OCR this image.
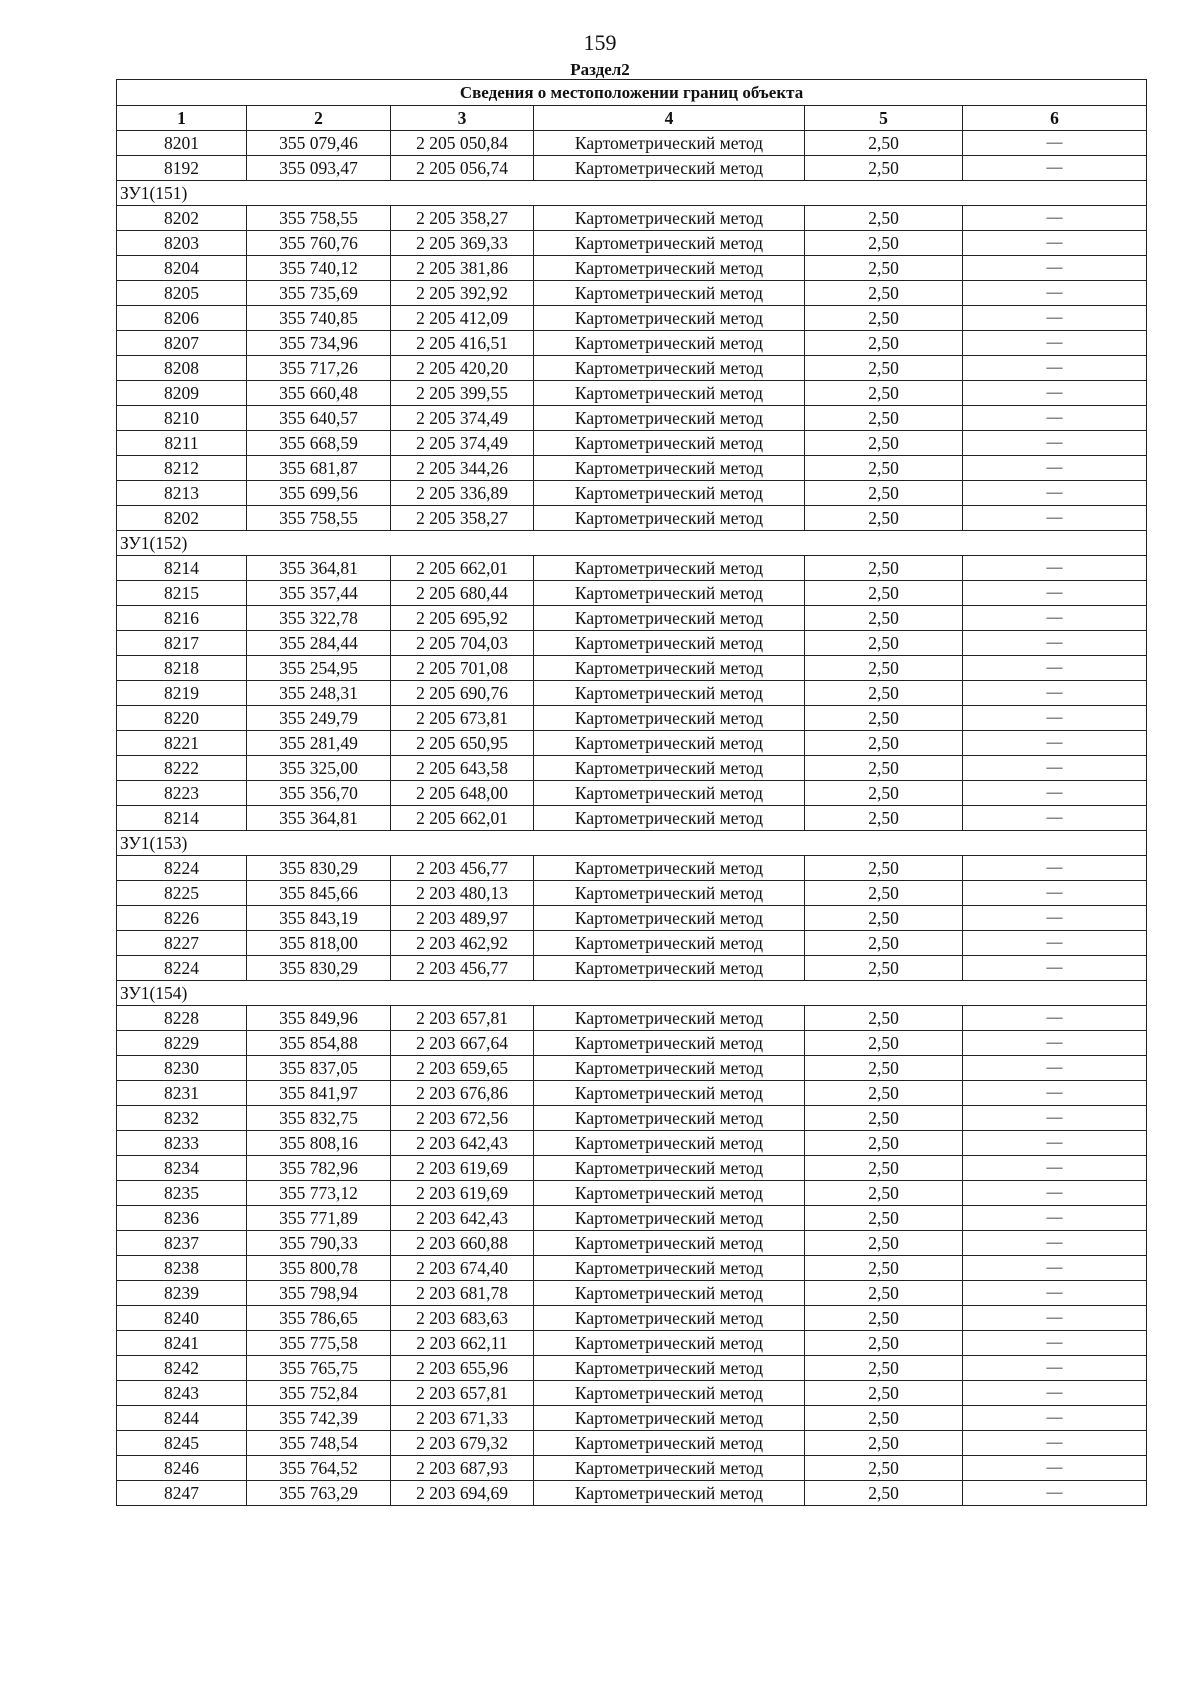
159
Раздел2
Сведения о местоположении границ объекта					
1	2	3	4	5	6
8201	355 079,46	2 205 050,84	Картометрический метод	2,50	—
8192	355 093,47	2 205 056,74	Картометрический метод	2,50	—
ЗУ1(151)					
8202	355 758,55	2 205 358,27	Картометрический метод	2,50	—
8203	355 760,76	2 205 369,33	Картометрический метод	2,50	—
8204	355 740,12	2 205 381,86	Картометрический метод	2,50	—
8205	355 735,69	2 205 392,92	Картометрический метод	2,50	—
8206	355 740,85	2 205 412,09	Картометрический метод	2,50	—
8207	355 734,96	2 205 416,51	Картометрический метод	2,50	—
8208	355 717,26	2 205 420,20	Картометрический метод	2,50	—
8209	355 660,48	2 205 399,55	Картометрический метод	2,50	—
8210	355 640,57	2 205 374,49	Картометрический метод	2,50	—
8211	355 668,59	2 205 374,49	Картометрический метод	2,50	—
8212	355 681,87	2 205 344,26	Картометрический метод	2,50	—
8213	355 699,56	2 205 336,89	Картометрический метод	2,50	—
8202	355 758,55	2 205 358,27	Картометрический метод	2,50	—
ЗУ1(152)					
8214	355 364,81	2 205 662,01	Картометрический метод	2,50	—
8215	355 357,44	2 205 680,44	Картометрический метод	2,50	—
8216	355 322,78	2 205 695,92	Картометрический метод	2,50	—
8217	355 284,44	2 205 704,03	Картометрический метод	2,50	—
8218	355 254,95	2 205 701,08	Картометрический метод	2,50	—
8219	355 248,31	2 205 690,76	Картометрический метод	2,50	—
8220	355 249,79	2 205 673,81	Картометрический метод	2,50	—
8221	355 281,49	2 205 650,95	Картометрический метод	2,50	—
8222	355 325,00	2 205 643,58	Картометрический метод	2,50	—
8223	355 356,70	2 205 648,00	Картометрический метод	2,50	—
8214	355 364,81	2 205 662,01	Картометрический метод	2,50	—
ЗУ1(153)					
8224	355 830,29	2 203 456,77	Картометрический метод	2,50	—
8225	355 845,66	2 203 480,13	Картометрический метод	2,50	—
8226	355 843,19	2 203 489,97	Картометрический метод	2,50	—
8227	355 818,00	2 203 462,92	Картометрический метод	2,50	—
8224	355 830,29	2 203 456,77	Картометрический метод	2,50	—
ЗУ1(154)					
8228	355 849,96	2 203 657,81	Картометрический метод	2,50	—
8229	355 854,88	2 203 667,64	Картометрический метод	2,50	—
8230	355 837,05	2 203 659,65	Картометрический метод	2,50	—
8231	355 841,97	2 203 676,86	Картометрический метод	2,50	—
8232	355 832,75	2 203 672,56	Картометрический метод	2,50	—
8233	355 808,16	2 203 642,43	Картометрический метод	2,50	—
8234	355 782,96	2 203 619,69	Картометрический метод	2,50	—
8235	355 773,12	2 203 619,69	Картометрический метод	2,50	—
8236	355 771,89	2 203 642,43	Картометрический метод	2,50	—
8237	355 790,33	2 203 660,88	Картометрический метод	2,50	—
8238	355 800,78	2 203 674,40	Картометрический метод	2,50	—
8239	355 798,94	2 203 681,78	Картометрический метод	2,50	—
8240	355 786,65	2 203 683,63	Картометрический метод	2,50	—
8241	355 775,58	2 203 662,11	Картометрический метод	2,50	—
8242	355 765,75	2 203 655,96	Картометрический метод	2,50	—
8243	355 752,84	2 203 657,81	Картометрический метод	2,50	—
8244	355 742,39	2 203 671,33	Картометрический метод	2,50	—
8245	355 748,54	2 203 679,32	Картометрический метод	2,50	—
8246	355 764,52	2 203 687,93	Картометрический метод	2,50	—
8247	355 763,29	2 203 694,69	Картометрический метод	2,50	—
